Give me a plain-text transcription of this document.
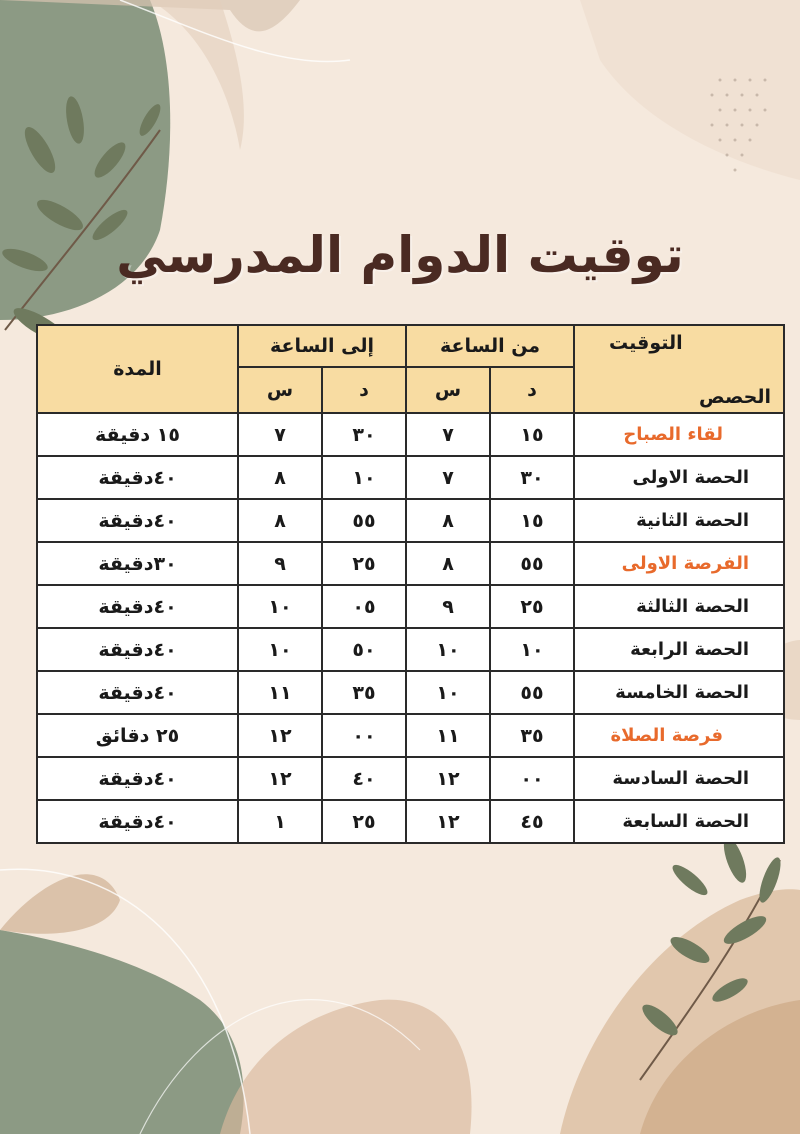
توقيت الدوام المدرسي
التوقيت
الحصص	من الساعة		إلى الساعة		المدة
	د	س	د	س	
لقاء الصباح	١٥	٧	٣٠	٧	١٥ دقيقة
الحصة الاولى	٣٠	٧	١٠	٨	٤٠دقيقة
الحصة الثانية	١٥	٨	٥٥	٨	٤٠دقيقة
الفرصة الاولى	٥٥	٨	٢٥	٩	٣٠دقيقة
الحصة الثالثة	٢٥	٩	٠٥	١٠	٤٠دقيقة
الحصة الرابعة	١٠	١٠	٥٠	١٠	٤٠دقيقة
الحصة الخامسة	٥٥	١٠	٣٥	١١	٤٠دقيقة
فرصة الصلاة	٣٥	١١	٠٠	١٢	٢٥ دقائق
الحصة السادسة	٠٠	١٢	٤٠	١٢	٤٠دقيقة
الحصة السابعة	٤٥	١٢	٢٥	١	٤٠دقيقة
